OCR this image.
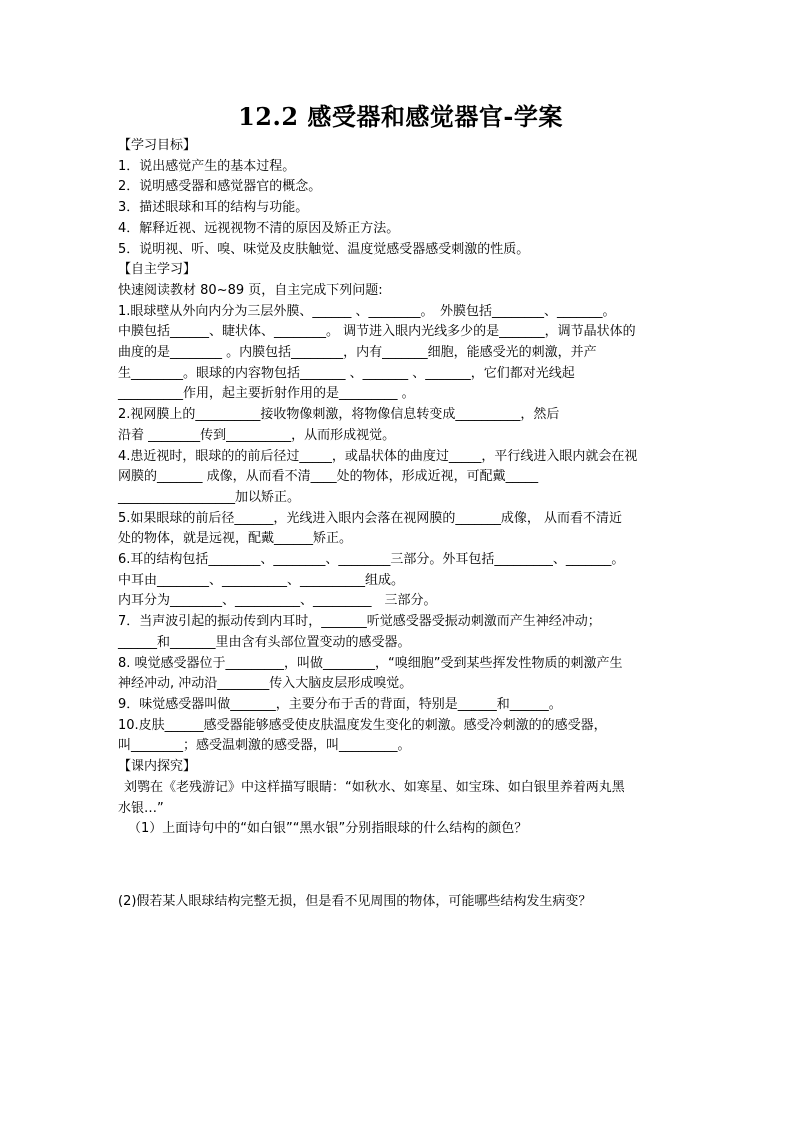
12.2 感受器和感觉器官-学案
【学习目标】
1．说出感觉产生的基本过程。
2．说明感受器和感觉器官的概念。
3．描述眼球和耳的结构与功能。
4．解释近视、远视视物不清的原因及矫正方法。
5．说明视、听、嗅、味觉及皮肤触觉、温度觉感受器感受刺激的性质。
【自主学习】
快速阅读教材 80~89 页，自主完成下列问题:
1.眼球壁从外向内分为三层外膜、______ 、________。　外膜包括________、_______。
中膜包括______、睫状体、________。 调节进入眼内光线多少的是_______，调节晶状体的
曲度的是________ 。内膜包括________，内有_______细胞，能感受光的刺激，并产
生________。眼球的内容物包括_______ 、_______ 、_______，它们都对光线起
__________作用，起主要折射作用的是_________ 。
2.视网膜上的__________接收物像刺激，将物像信息转变成__________，然后
沿着 ________传到__________，从而形成视觉。
4.患近视时，眼球的的前后径过_____，或晶状体的曲度过_____，平行线进入眼内就会在视
网膜的_______ 成像，从而看不清____处的物体，形成近视，可配戴_____
__________________加以矫正。
5.如果眼球的前后径______，光线进入眼内会落在视网膜的_______成像， 从而看不清近
处的物体，就是远视，配戴______矫正。
6.耳的结构包括________、________、________三部分。外耳包括_________、_______。
中耳由________、__________、__________组成。
内耳分为________、__________、_________　三部分。
7．当声波引起的振动传到内耳时，_______听觉感受器受振动刺激而产生神经冲动；
______和_______里由含有头部位置变动的感受器。
8. 嗅觉感受器位于_________，叫做________，“嗅细胞”受到某些挥发性物质的刺激产生
神经冲动, 冲动沿________传入大脑皮层形成嗅觉。
9．味觉感受器叫做_______，主要分布于舌的背面，特别是______和______。
10.皮肤______感受器能够感受使皮肤温度发生变化的刺激。感受冷刺激的的感受器，
叫________；感受温刺激的感受器，叫_________。
【课内探究】
刘鹗在《老残游记》中这样描写眼睛：“如秋水、如寒星、如宝珠、如白银里养着两丸黑
水银…”
（1）上面诗句中的“如白银”“黑水银”分别指眼球的什么结构的颜色？
(2)假若某人眼球结构完整无损，但是看不见周围的物体，可能哪些结构发生病变？
